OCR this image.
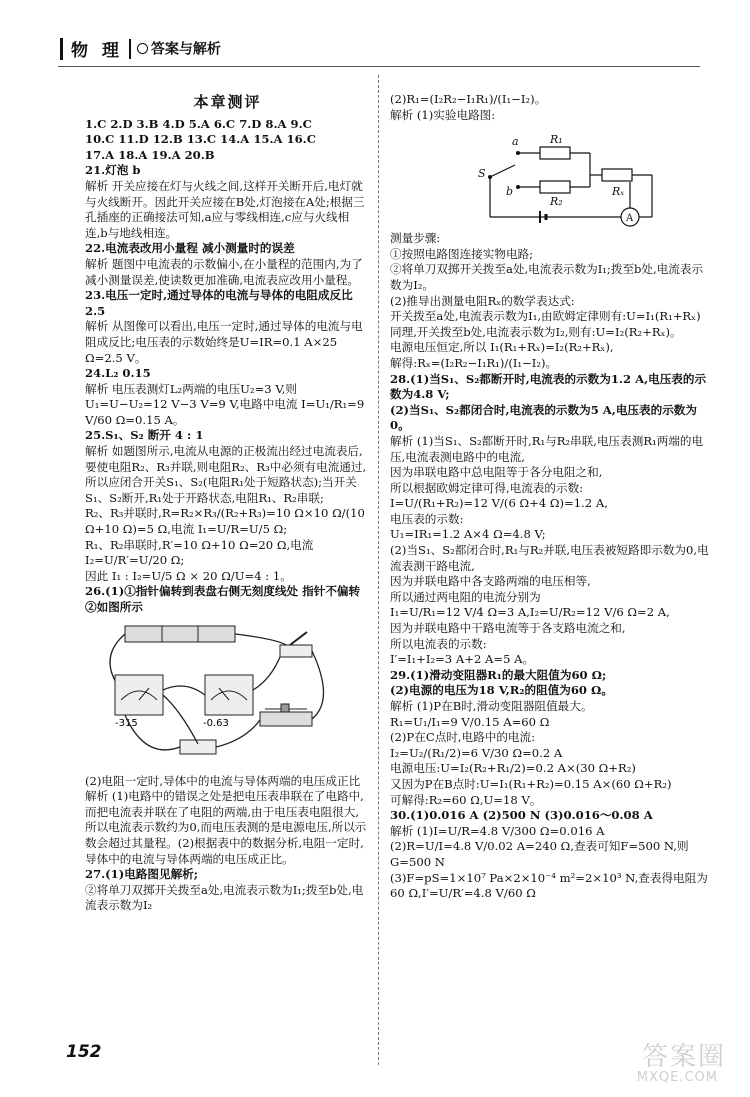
物 理 答案与解析
本章测评

1.C 2.D 3.B 4.D 5.A 6.C 7.D 8.A 9.C

10.C 11.D 12.B 13.C 14.A 15.A 16.C

17.A 18.A 19.A 20.B

21.灯泡 b

解析 开关应接在灯与火线之间,这样开关断开后,电灯就与火线断开。因此开关应接在B处,灯泡接在A处;根据三孔插座的正确接法可知,a应与零线相连,c应与火线相连,b与地线相连。

22.电流表改用小量程 减小测量时的误差

解析 题图中电流表的示数偏小,在小量程的范围内,为了减小测量误差,使读数更加准确,电流表应改用小量程。

23.电压一定时,通过导体的电流与导体的电阻成反比 2.5

解析 从图像可以看出,电压一定时,通过导体的电流与电阻成反比;电压表的示数始终是U=IR=0.1 A×25 Ω=2.5 V。

24.L₂ 0.15

解析 电压表测灯L₂两端的电压U₂=3 V,则U₁=U−U₂=12 V−3 V=9 V,电路中电流 I=U₁/R₁=9 V/60 Ω=0.15 A。

25.S₁、S₂ 断开 4 : 1

解析 如题图所示,电流从电源的正极流出经过电流表后,要使电阻R₂、R₃并联,则电阻R₂、R₃中必须有电流通过,所以应闭合开关S₁、S₂(电阻R₁处于短路状态);当开关S₁、S₂断开,R₁处于开路状态,电阻R₁、R₂串联;

R₂、R₃并联时,R=R₂×R₃/(R₂+R₃)=10 Ω×10 Ω/(10 Ω+10 Ω)=5 Ω,电流 I₁=U/R=U/5 Ω;

R₁、R₂串联时,R′=10 Ω+10 Ω=20 Ω,电流 I₂=U/R′=U/20 Ω;

因此 I₁ : I₂=U/5 Ω × 20 Ω/U=4 : 1。

26.(1)①指针偏转到表盘右侧无刻度线处 指针不偏转 ②如图所示

-315	-0.63

(2)电阻一定时,导体中的电流与导体两端的电压成正比

解析 (1)电路中的错误之处是把电压表串联在了电路中,而把电流表并联在了电阻的两端,由于电压表电阻很大,所以电流表示数约为0,而电压表测的是电源电压,所以示数会超过其量程。(2)根据表中的数据分析,电阻一定时,导体中的电流与导体两端的电压成正比。

27.(1)电路图见解析;

②将单刀双掷开关拨至a处,电流表示数为I₁;拨至b处,电流表示数为I₂

(2)R₁=(I₂R₂−I₁R₁)/(I₁−I₂)。

解析 (1)实验电路图:

a
S
R₁
b
R₂
Rₓ
A

测量步骤:

①按照电路图连接实物电路;

②将单刀双掷开关拨至a处,电流表示数为I₁;拨至b处,电流表示数为I₂。

(2)推导出测量电阻Rₓ的数学表达式:

开关拨至a处,电流表示数为I₁,由欧姆定律则有:U=I₁(R₁+Rₓ)

同理,开关拨至b处,电流表示数为I₂,则有:U=I₂(R₂+Rₓ)。

电源电压恒定,所以 I₁(R₁+Rₓ)=I₂(R₂+Rₓ),

解得:Rₓ=(I₂R₂−I₁R₁)/(I₁−I₂)。

28.(1)当S₁、S₂都断开时,电流表的示数为1.2 A,电压表的示数为4.8 V;

(2)当S₁、S₂都闭合时,电流表的示数为5 A,电压表的示数为0。

解析 (1)当S₁、S₂都断开时,R₁与R₂串联,电压表测R₁两端的电压,电流表测电路中的电流,

因为串联电路中总电阻等于各分电阻之和,

所以根据欧姆定律可得,电流表的示数:

I=U/(R₁+R₂)=12 V/(6 Ω+4 Ω)=1.2 A,

电压表的示数:

U₁=IR₁=1.2 A×4 Ω=4.8 V;

(2)当S₁、S₂都闭合时,R₁与R₂并联,电压表被短路即示数为0,电流表测干路电流,

因为并联电路中各支路两端的电压相等,

所以通过两电阻的电流分别为

I₁=U/R₁=12 V/4 Ω=3 A,I₂=U/R₂=12 V/6 Ω=2 A,

因为并联电路中干路电流等于各支路电流之和,

所以电流表的示数:

I′=I₁+I₂=3 A+2 A=5 A。

29.(1)滑动变阻器R₁的最大阻值为60 Ω;

(2)电源的电压为18 V,R₂的阻值为60 Ω。

解析 (1)P在B时,滑动变阻器阻值最大。

R₁=U₁/I₁=9 V/0.15 A=60 Ω

(2)P在C点时,电路中的电流:

I₂=U₂/(R₁/2)=6 V/30 Ω=0.2 A

电源电压:U=I₂(R₂+R₁/2)=0.2 A×(30 Ω+R₂)

又因为P在B点时:U=I₁(R₁+R₂)=0.15 A×(60 Ω+R₂)

可解得:R₂=60 Ω,U=18 V。

30.(1)0.016 A (2)500 N (3)0.016～0.08 A

解析 (1)I=U/R=4.8 V/300 Ω=0.016 A

(2)R=U/I=4.8 V/0.02 A=240 Ω,查表可知F=500 N,则G=500 N

(3)F=pS=1×10⁷ Pa×2×10⁻⁴ m²=2×10³ N,查表得电阻为60 Ω,I′=U/R′=4.8 V/60 Ω

152	答案圈
MXQE.COM
